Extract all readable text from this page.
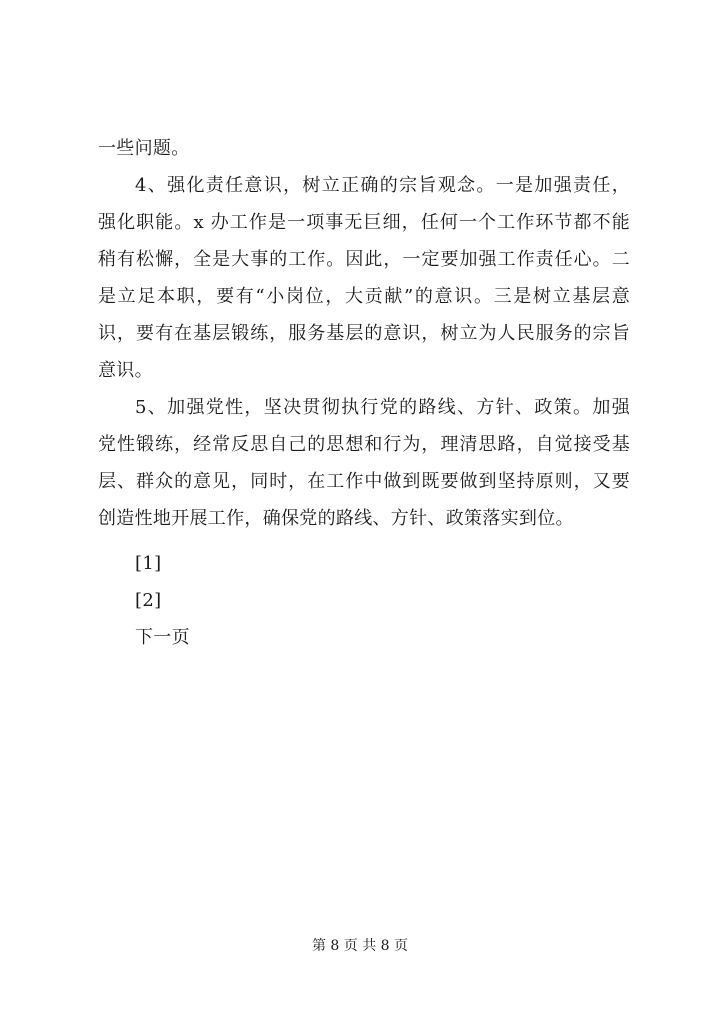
一些问题。
4、强化责任意识，树立正确的宗旨观念。一是加强责任，
强化职能。x 办工作是一项事无巨细，任何一个工作环节都不能
稍有松懈，全是大事的工作。因此，一定要加强工作责任心。二
是立足本职，要有“小岗位，大贡献”的意识。三是树立基层意
识，要有在基层锻练，服务基层的意识，树立为人民服务的宗旨
意识。
5、加强党性，坚决贯彻执行党的路线、方针、政策。加强
党性锻练，经常反思自己的思想和行为，理清思路，自觉接受基
层、群众的意见，同时，在工作中做到既要做到坚持原则，又要
创造性地开展工作，确保党的路线、方针、政策落实到位。
[1]
[2]
下一页
第 8 页 共 8 页
